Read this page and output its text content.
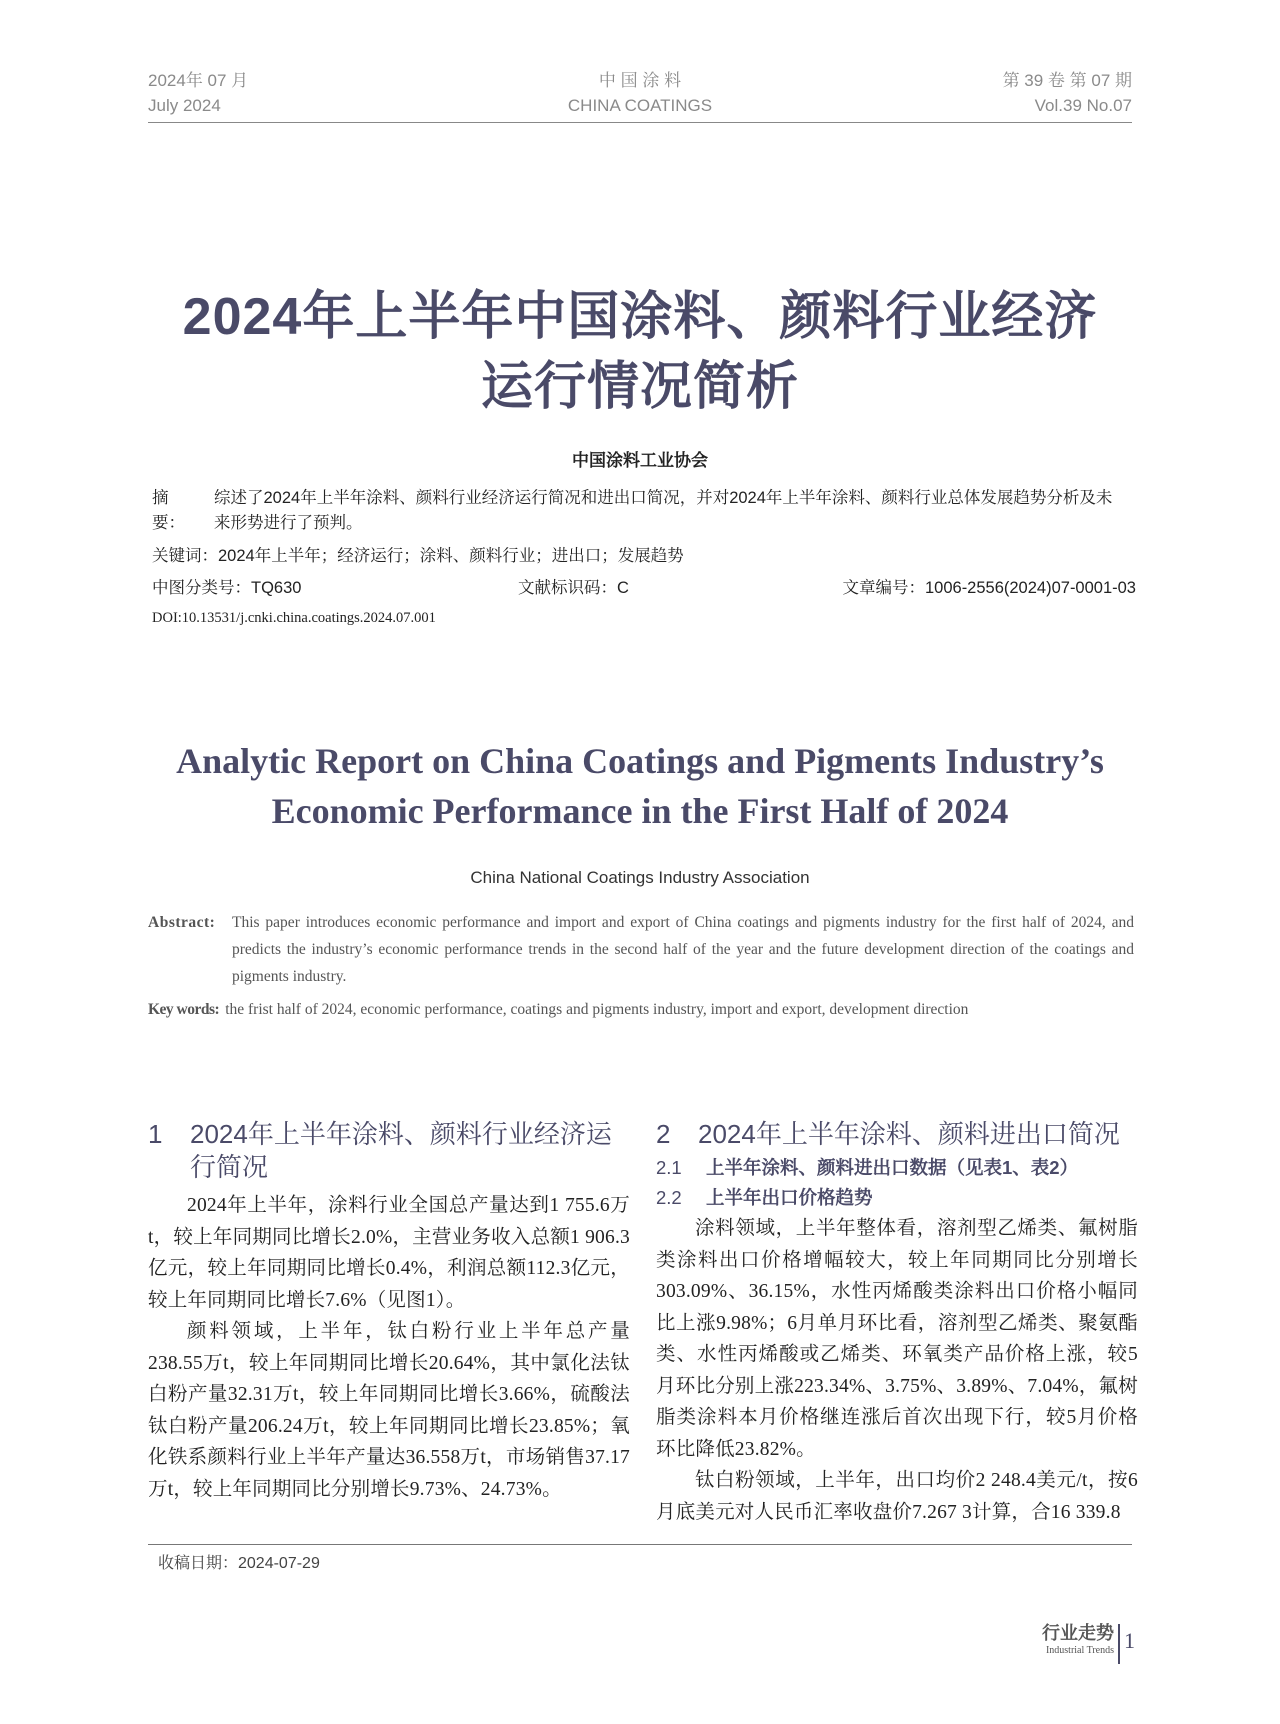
2024年 07 月
July 2024
中 国 涂 料
CHINA COATINGS
第 39 卷 第 07 期
Vol.39 No.07
2024年上半年中国涂料、颜料行业经济
运行情况简析
中国涂料工业协会
摘　要：综述了2024年上半年涂料、颜料行业经济运行简况和进出口简况，并对2024年上半年涂料、颜料行业总体发展趋势分析及未来形势进行了预判。
关键词：2024年上半年；经济运行；涂料、颜料行业；进出口；发展趋势
中图分类号：TQ630	文献标识码：C	文章编号：1006-2556(2024)07-0001-03
DOI:10.13531/j.cnki.china.coatings.2024.07.001
Analytic Report on China Coatings and Pigments Industry’s
Economic Performance in the First Half of 2024
China National Coatings Industry Association
Abstract: This paper introduces economic performance and import and export of China coatings and pigments industry for the first half of 2024, and predicts the industry’s economic performance trends in the second half of the year and the future development direction of the coatings and pigments industry.
Key words: the frist half of 2024, economic performance, coatings and pigments industry, import and export, development direction
1 2024年上半年涂料、颜料行业经济运行简况

2024年上半年，涂料行业全国总产量达到1 755.6万t，较上年同期同比增长2.0%，主营业务收入总额1 906.3亿元，较上年同期同比增长0.4%，利润总额112.3亿元，较上年同期同比增长7.6%（见图1）。

颜料领域，上半年，钛白粉行业上半年总产量238.55万t，较上年同期同比增长20.64%，其中氯化法钛白粉产量32.31万t，较上年同期同比增长3.66%，硫酸法钛白粉产量206.24万t，较上年同期同比增长23.85%；氧化铁系颜料行业上半年产量达36.558万t，市场销售37.17万t，较上年同期同比分别增长9.73%、24.73%。

2 2024年上半年涂料、颜料进出口简况
2.1 上半年涂料、颜料进出口数据（见表1、表2）
2.2 上半年出口价格趋势

涂料领域，上半年整体看，溶剂型乙烯类、氟树脂类涂料出口价格增幅较大，较上年同期同比分别增长303.09%、36.15%，水性丙烯酸类涂料出口价格小幅同比上涨9.98%；6月单月环比看，溶剂型乙烯类、聚氨酯类、水性丙烯酸或乙烯类、环氧类产品价格上涨，较5月环比分别上涨223.34%、3.75%、3.89%、7.04%，氟树脂类涂料本月价格继连涨后首次出现下行，较5月价格环比降低23.82%。

钛白粉领域，上半年，出口均价2 248.4美元/t，按6月底美元对人民币汇率收盘价7.267 3计算，合16 339.8

收稿日期：2024-07-29
行业走势
Industrial Trends 1
